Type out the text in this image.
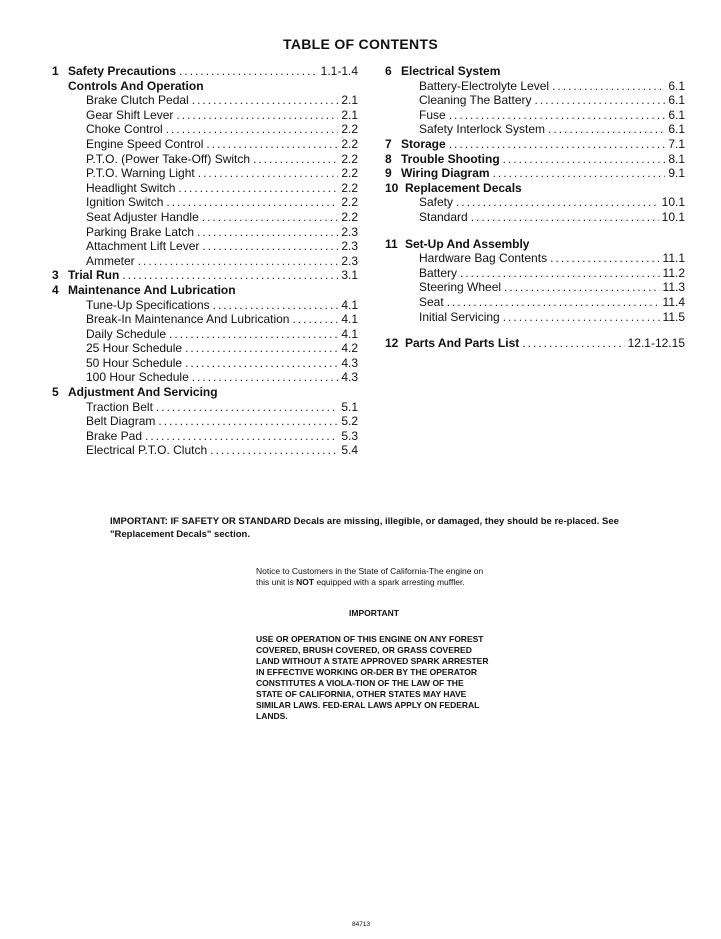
TABLE OF CONTENTS
1 Safety Precautions .....	1.1-1.4
Controls And Operation
Brake Clutch Pedal .....	2.1
Gear Shift Lever .....	2.1
Choke Control .....	2.2
Engine Speed Control .....	2.2
P.T.O. (Power Take-Off) Switch .....	2.2
P.T.O. Warning Light .....	2.2
Headlight Switch .....	2.2
Ignition Switch .....	2.2
Seat Adjuster Handle .....	2.2
Parking Brake Latch .....	2.3
Attachment Lift Lever .....	2.3
Ammeter .....	2.3
3 Trial Run .....	3.1
4 Maintenance And Lubrication
Tune-Up Specifications .....	4.1
Break-In Maintenance And Lubrication .....	4.1
Daily Schedule .....	4.1
25 Hour Schedule .....	4.2
50 Hour Schedule .....	4.3
100 Hour Schedule .....	4.3
5 Adjustment And Servicing
Traction Belt .....	5.1
Belt Diagram .....	5.2
Brake Pad .....	5.3
Electrical P.T.O. Clutch .....	5.4
6 Electrical System
Battery-Electrolyte Level .....	6.1
Cleaning The Battery .....	6.1
Fuse .....	6.1
Safety Interlock System .....	6.1
7 Storage .....	7.1
8 Trouble Shooting .....	8.1
9 Wiring Diagram .....	9.1
10 Replacement Decals
Safety .....	10.1
Standard .....	10.1
11 Set-Up And Assembly
Hardware Bag Contents .....	11.1
Battery .....	11.2
Steering Wheel .....	11.3
Seat .....	11.4
Initial Servicing .....	11.5
12 Parts And Parts List .....	12.1-12.15
IMPORTANT: IF SAFETY OR STANDARD Decals are missing, illegible, or damaged, they should be re-placed. See "Replacement Decals" section.
Notice to Customers in the State of California-The engine on this unit is NOT equipped with a spark arresting muffler.
IMPORTANT
USE OR OPERATION OF THIS ENGINE ON ANY FOREST COVERED, BRUSH COVERED, OR GRASS COVERED LAND WITHOUT A STATE APPROVED SPARK ARRESTER IN EFFECTIVE WORKING OR-DER BY THE OPERATOR CONSTITUTES A VIOLA-TION OF THE LAW OF THE STATE OF CALIFORNIA, OTHER STATES MAY HAVE SIMILAR LAWS. FED-ERAL LAWS APPLY ON FEDERAL LANDS.
84713
